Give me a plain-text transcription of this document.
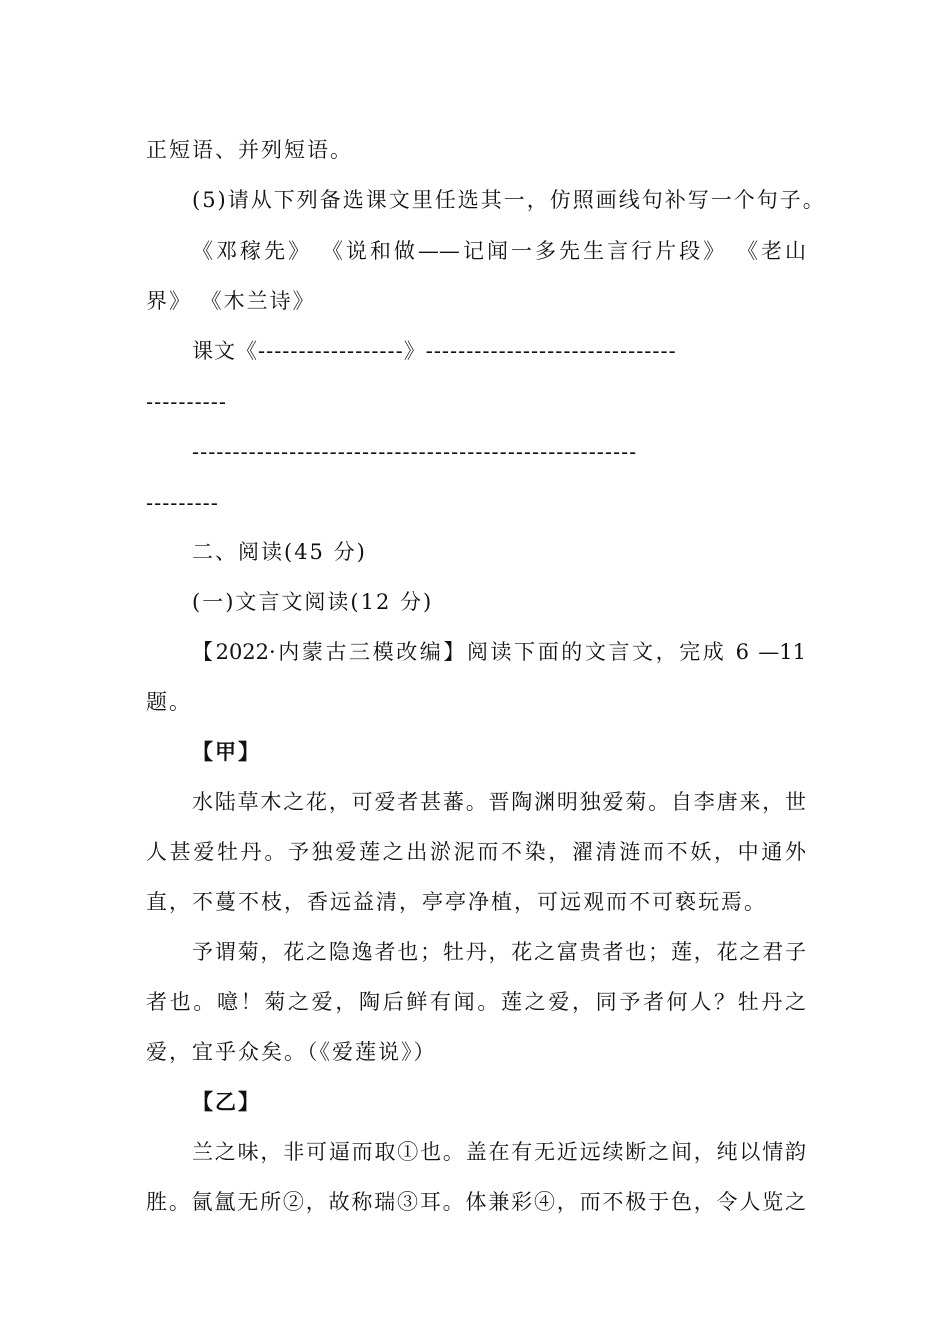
正短语、并列短语。
(5)请从下列备选课文里任选其一，仿照画线句补写一个句子。
《邓稼先》 《说和做——记闻一多先生言行片段》 《老山
界》 《木兰诗》
课文《------------------》-------------------------------
----------
-------------------------------------------------------
---------
二、阅读(45 分)
(一)文言文阅读(12 分)
【2022·内蒙古三模改编】阅读下面的文言文，完成 6 —11
题。
【甲】
水陆草木之花，可爱者甚蕃。晋陶渊明独爱菊。自李唐来，世
人甚爱牡丹。予独爱莲之出淤泥而不染，濯清涟而不妖，中通外
直，不蔓不枝，香远益清，亭亭净植，可远观而不可亵玩焉。
予谓菊，花之隐逸者也；牡丹，花之富贵者也；莲，花之君子
者也。噫！菊之爱，陶后鲜有闻。莲之爱，同予者何人？牡丹之
爱，宜乎众矣。（《爱莲说》）
【乙】
兰之味，非可逼而取①也。盖在有无近远续断之间，纯以情韵
胜。氤氲无所②，故称瑞③耳。体兼彩④，而不极于色，令人览之
